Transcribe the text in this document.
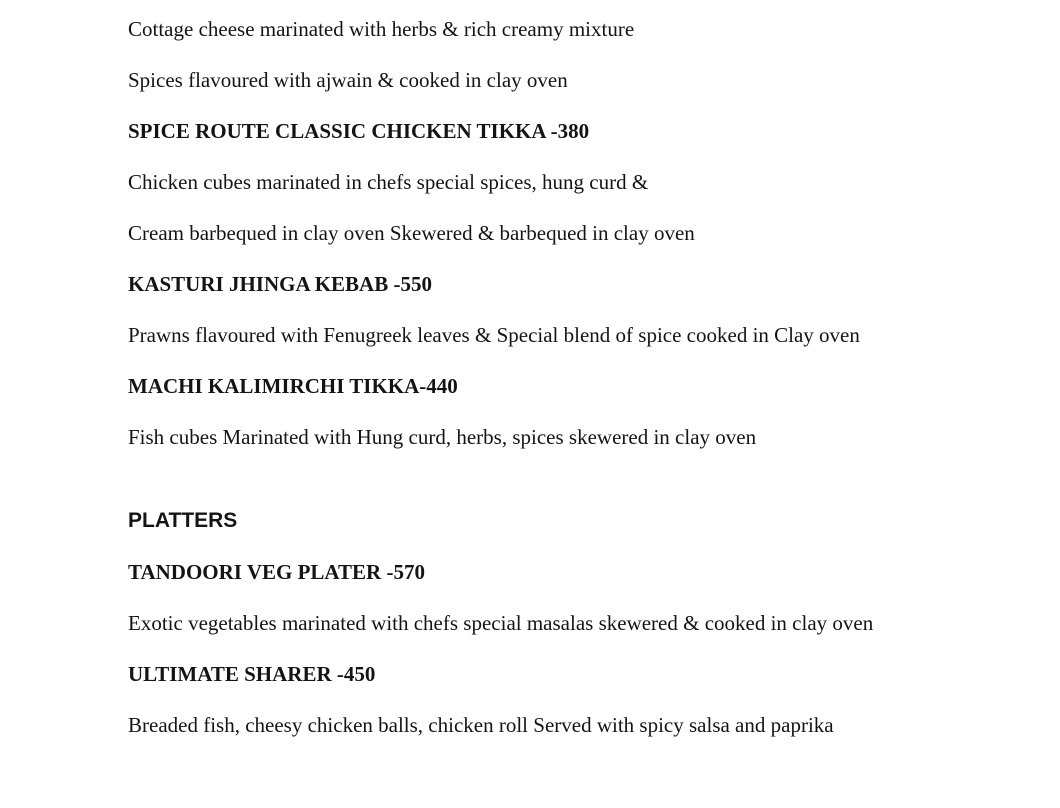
Cottage cheese marinated with herbs & rich creamy mixture

Spices flavoured with ajwain & cooked in clay oven

SPICE ROUTE CLASSIC CHICKEN TIKKA -380

Chicken cubes marinated in chefs special spices, hung curd &

Cream barbequed in clay oven Skewered & barbequed in clay oven

KASTURI JHINGA KEBAB -550

Prawns flavoured with Fenugreek leaves & Special blend of spice cooked in Clay oven

MACHI KALIMIRCHI TIKKA-440

Fish cubes Marinated with Hung curd, herbs, spices skewered in clay oven

PLATTERS

TANDOORI VEG PLATER -570

Exotic vegetables marinated with chefs special masalas skewered & cooked in clay oven

ULTIMATE SHARER -450

Breaded fish, cheesy chicken balls, chicken roll Served with spicy salsa and paprika
